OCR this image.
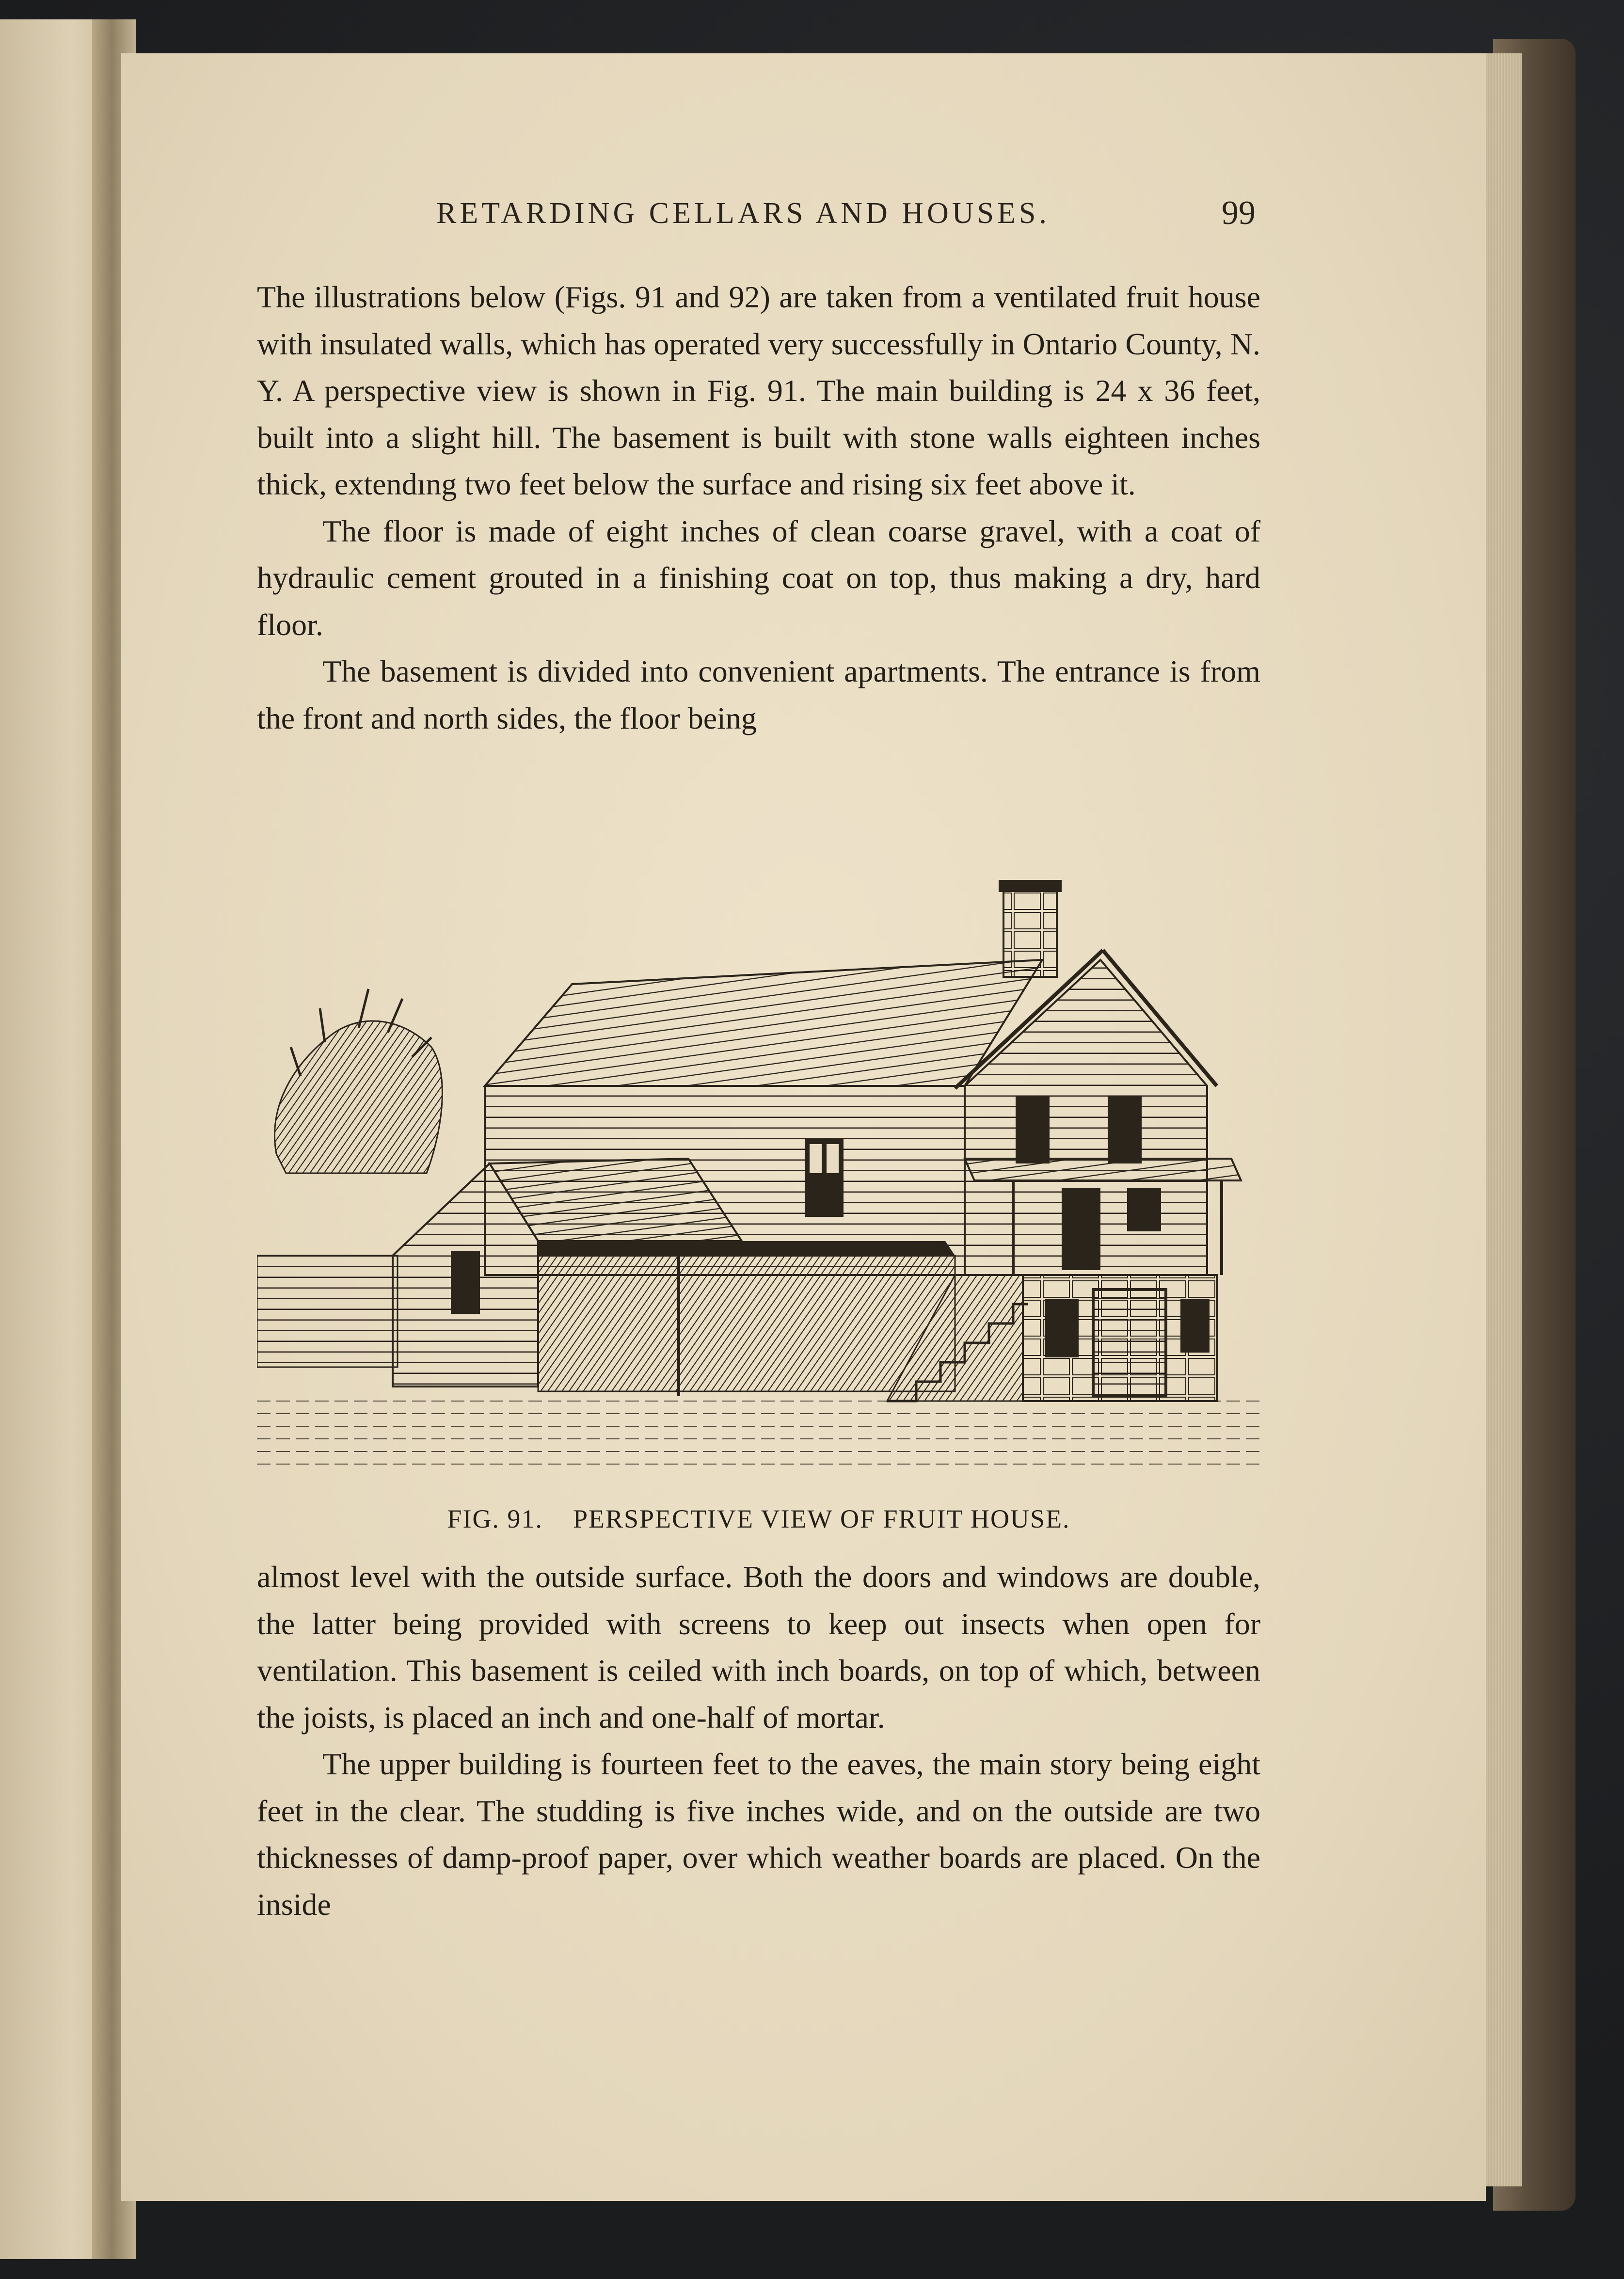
RETARDING CELLARS AND HOUSES.	99

The illustrations below (Figs. 91 and 92) are taken from a ventilated fruit house with insulated walls, which has operated very successfully in Ontario County, N. Y. A perspective view is shown in Fig. 91. The main building is 24 x 36 feet, built into a slight hill. The basement is built with stone walls eighteen inches thick, extendıng two feet below the surface and rising six feet above it.

The floor is made of eight inches of clean coarse gravel, with a coat of hydraulic cement grouted in a finishing coat on top, thus making a dry, hard floor.

The basement is divided into convenient apartments. The entrance is from the front and north sides, the floor being

FIG. 91. PERSPECTIVE VIEW OF FRUIT HOUSE.

almost level with the outside surface. Both the doors and windows are double, the latter being provided with screens to keep out insects when open for ventilation. This basement is ceiled with inch boards, on top of which, between the joists, is placed an inch and one-half of mortar.

The upper building is fourteen feet to the eaves, the main story being eight feet in the clear. The studding is five inches wide, and on the outside are two thicknesses of damp-proof paper, over which weather boards are placed. On the inside
